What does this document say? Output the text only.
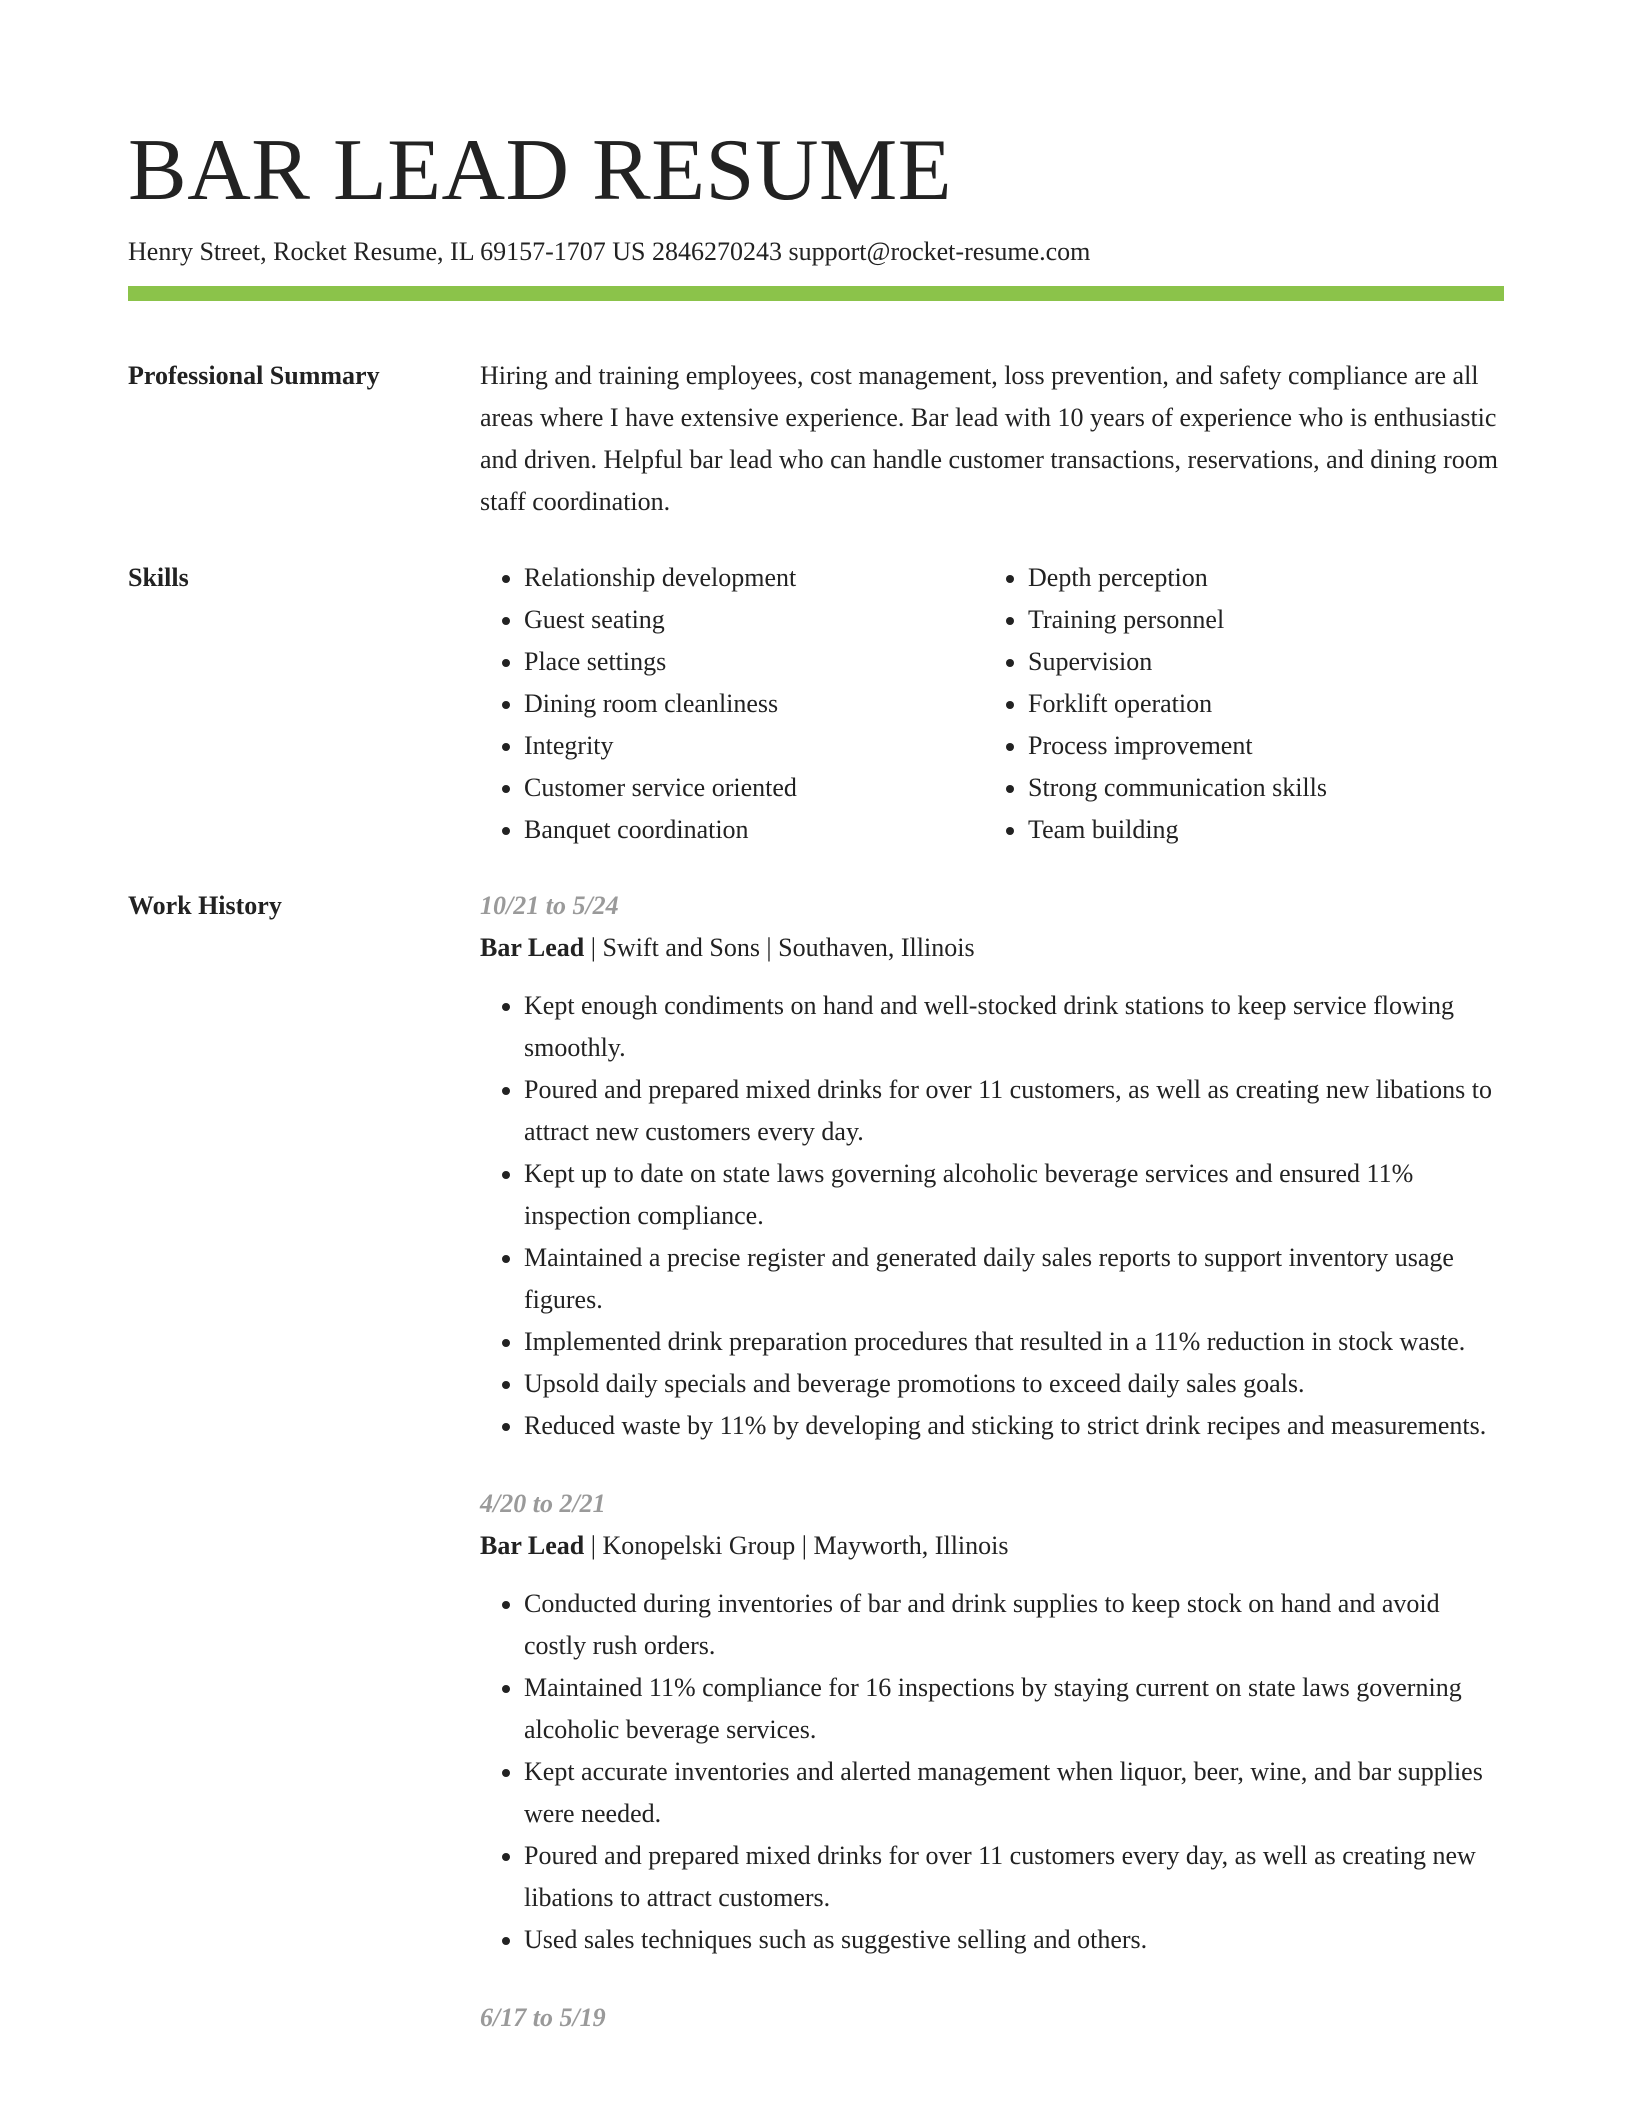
BAR LEAD RESUME
Henry Street, Rocket Resume, IL 69157-1707 US 2846270243 support@rocket-resume.com
Professional Summary	Hiring and training employees, cost management, loss prevention, and safety compliance are all areas where I have extensive experience. Bar lead with 10 years of experience who is enthusiastic and driven. Helpful bar lead who can handle customer transactions, reservations, and dining room staff coordination.

Skills
•	Relationship development
• Guest seating
• Place settings
• Dining room cleanliness
• Integrity
• Customer service oriented
• Banquet coordination
• Depth perception
• Training personnel
• Supervision
• Forklift operation
• Process improvement
• Strong communication skills
• Team building
Work History	10/21 to 5/24
Bar Lead | Swift and Sons | Southaven, Illinois
• Kept enough condiments on hand and well-stocked drink stations to keep service flowing smoothly.
• Poured and prepared mixed drinks for over 11 customers, as well as creating new libations to attract new customers every day.
• Kept up to date on state laws governing alcoholic beverage services and ensured 11% inspection compliance.
• Maintained a precise register and generated daily sales reports to support inventory usage figures.
• Implemented drink preparation procedures that resulted in a 11% reduction in stock waste.
• Upsold daily specials and beverage promotions to exceed daily sales goals.
• Reduced waste by 11% by developing and sticking to strict drink recipes and measurements.
4/20 to 2/21
Bar Lead | Konopelski Group | Mayworth, Illinois
• Conducted during inventories of bar and drink supplies to keep stock on hand and avoid costly rush orders.
• Maintained 11% compliance for 16 inspections by staying current on state laws governing alcoholic beverage services.
• Kept accurate inventories and alerted management when liquor, beer, wine, and bar supplies were needed.
• Poured and prepared mixed drinks for over 11 customers every day, as well as creating new libations to attract customers.
• Used sales techniques such as suggestive selling and others.
6/17 to 5/19
